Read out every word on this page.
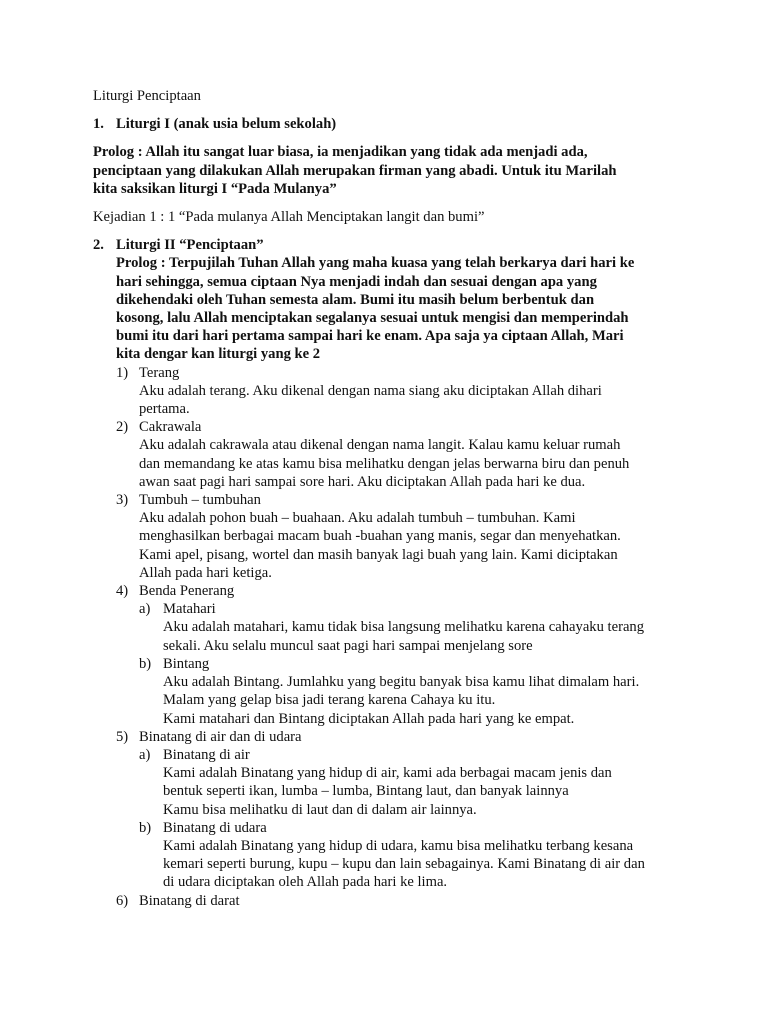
Liturgi Penciptaan
1. Liturgi I (anak usia belum sekolah)
Prolog : Allah itu sangat luar biasa, ia menjadikan yang tidak ada menjadi ada,
penciptaan yang dilakukan Allah merupakan firman yang abadi. Untuk itu Marilah
kita saksikan liturgi I “Pada Mulanya”
Kejadian 1 : 1 “Pada mulanya Allah Menciptakan langit dan bumi”
2. Liturgi II “Penciptaan”
Prolog : Terpujilah Tuhan Allah yang maha kuasa yang telah berkarya dari hari ke
hari sehingga, semua ciptaan Nya menjadi indah dan sesuai dengan apa yang
dikehendaki oleh Tuhan semesta alam. Bumi itu masih belum berbentuk dan
kosong, lalu Allah menciptakan segalanya sesuai untuk mengisi dan memperindah
bumi itu dari hari pertama sampai hari ke enam. Apa saja ya ciptaan Allah, Mari
kita dengar kan liturgi yang ke 2
1) Terang
Aku adalah terang. Aku dikenal dengan nama siang aku diciptakan Allah dihari
pertama.
2) Cakrawala
Aku adalah cakrawala atau dikenal dengan nama langit. Kalau kamu keluar rumah
dan memandang ke atas kamu bisa melihatku dengan jelas berwarna biru dan penuh
awan saat pagi hari sampai sore hari. Aku diciptakan Allah pada hari ke dua.
3) Tumbuh – tumbuhan
Aku adalah pohon buah – buahaan. Aku adalah tumbuh – tumbuhan. Kami
menghasilkan berbagai macam buah -buahan yang manis, segar dan menyehatkan.
Kami apel, pisang, wortel dan masih banyak lagi buah yang lain. Kami diciptakan
Allah pada hari ketiga.
4) Benda Penerang
a) Matahari
Aku adalah matahari, kamu tidak bisa langsung melihatku karena cahayaku terang
sekali. Aku selalu muncul saat pagi hari sampai menjelang sore
b) Bintang
Aku adalah Bintang. Jumlahku yang begitu banyak bisa kamu lihat dimalam hari.
Malam yang gelap bisa jadi terang karena Cahaya ku itu.
Kami matahari dan Bintang diciptakan Allah pada hari yang ke empat.
5) Binatang di air dan di udara
a) Binatang di air
Kami adalah Binatang yang hidup di air, kami ada berbagai macam jenis dan
bentuk seperti ikan, lumba – lumba, Bintang laut, dan banyak lainnya
Kamu bisa melihatku di laut dan di dalam air lainnya.
b) Binatang di udara
Kami adalah Binatang yang hidup di udara, kamu bisa melihatku terbang kesana
kemari seperti burung, kupu – kupu dan lain sebagainya. Kami Binatang di air dan
di udara diciptakan oleh Allah pada hari ke lima.
6) Binatang di darat
